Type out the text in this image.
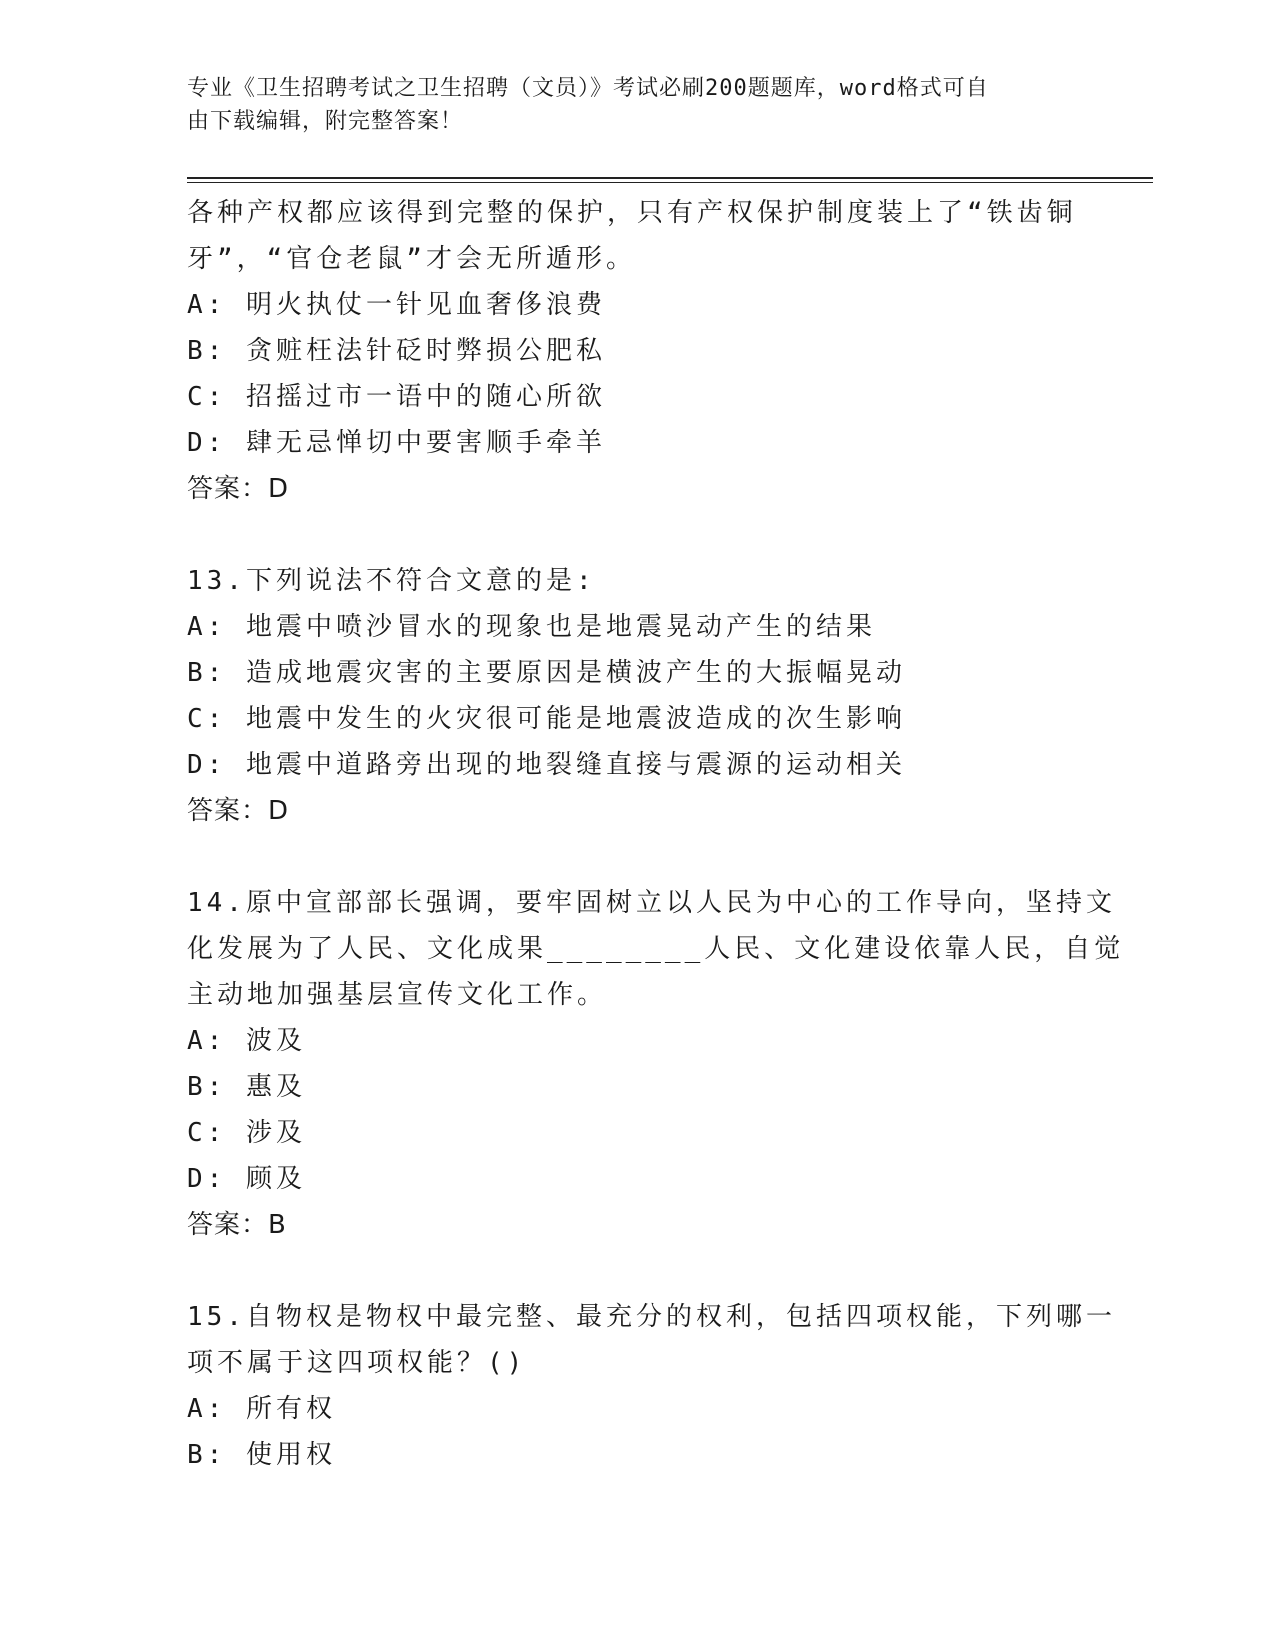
专业《卫生招聘考试之卫生招聘（文员）》考试必刷200题题库，word格式可自
由下载编辑，附完整答案！
各种产权都应该得到完整的保护，只有产权保护制度装上了“铁齿铜
牙”，“官仓老鼠”才会无所遁形。
A: 明火执仗一针见血奢侈浪费
B: 贪赃枉法针砭时弊损公肥私
C: 招摇过市一语中的随心所欲
D: 肆无忌惮切中要害顺手牵羊
答案：D
13.下列说法不符合文意的是:
A: 地震中喷沙冒水的现象也是地震晃动产生的结果
B: 造成地震灾害的主要原因是横波产生的大振幅晃动
C: 地震中发生的火灾很可能是地震波造成的次生影响
D: 地震中道路旁出现的地裂缝直接与震源的运动相关
答案：D
14.原中宣部部长强调，要牢固树立以人民为中心的工作导向，坚持文
化发展为了人民、文化成果________人民、文化建设依靠人民，自觉
主动地加强基层宣传文化工作。
A: 波及
B: 惠及
C: 涉及
D: 顾及
答案：B
15.自物权是物权中最完整、最充分的权利，包括四项权能，下列哪一
项不属于这四项权能？()
A: 所有权
B: 使用权
